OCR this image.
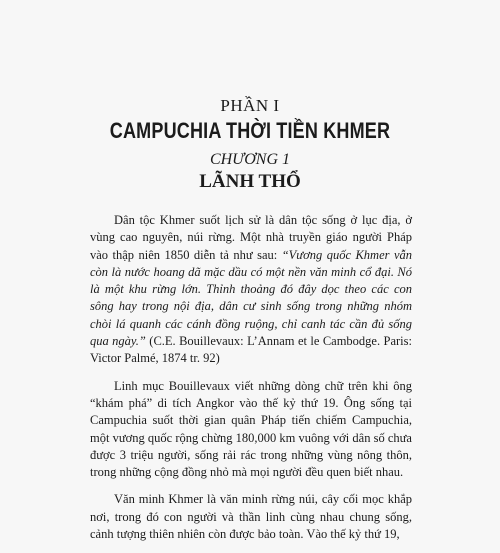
PHẦN I
CAMPUCHIA THỜI TIỀN KHMER
CHƯƠNG 1
LÃNH THỔ

Dân tộc Khmer suốt lịch sử là dân tộc sống ở lục địa, ở vùng cao nguyên, núi rừng. Một nhà truyền giáo người Pháp vào thập niên 1850 diễn tả như sau: “Vương quốc Khmer vẫn còn là nước hoang dã mặc dầu có một nền văn minh cổ đại. Nó là một khu rừng lớn. Thỉnh thoảng đó đây dọc theo các con sông hay trong nội địa, dân cư sinh sống trong những nhóm chòi lá quanh các cánh đồng ruộng, chỉ canh tác cần đủ sống qua ngày.” (C.E. Bouillevaux: L’Annam et le Cambodge. Paris: Victor Palmé, 1874 tr. 92)

Linh mục Bouillevaux viết những dòng chữ trên khi ông “khám phá” di tích Angkor vào thế kỷ thứ 19. Ông sống tại Campuchia suốt thời gian quân Pháp tiến chiếm Campuchia, một vương quốc rộng chừng 180,000 km vuông với dân số chưa được 3 triệu người, sống rải rác trong những vùng nông thôn, trong những cộng đồng nhỏ mà mọi người đều quen biết nhau.

Văn minh Khmer là văn minh rừng núi, cây cối mọc khắp nơi, trong đó con người và thần linh cùng nhau chung sống, cảnh tượng thiên nhiên còn được bảo toàn. Vào thế kỷ thứ 19,
